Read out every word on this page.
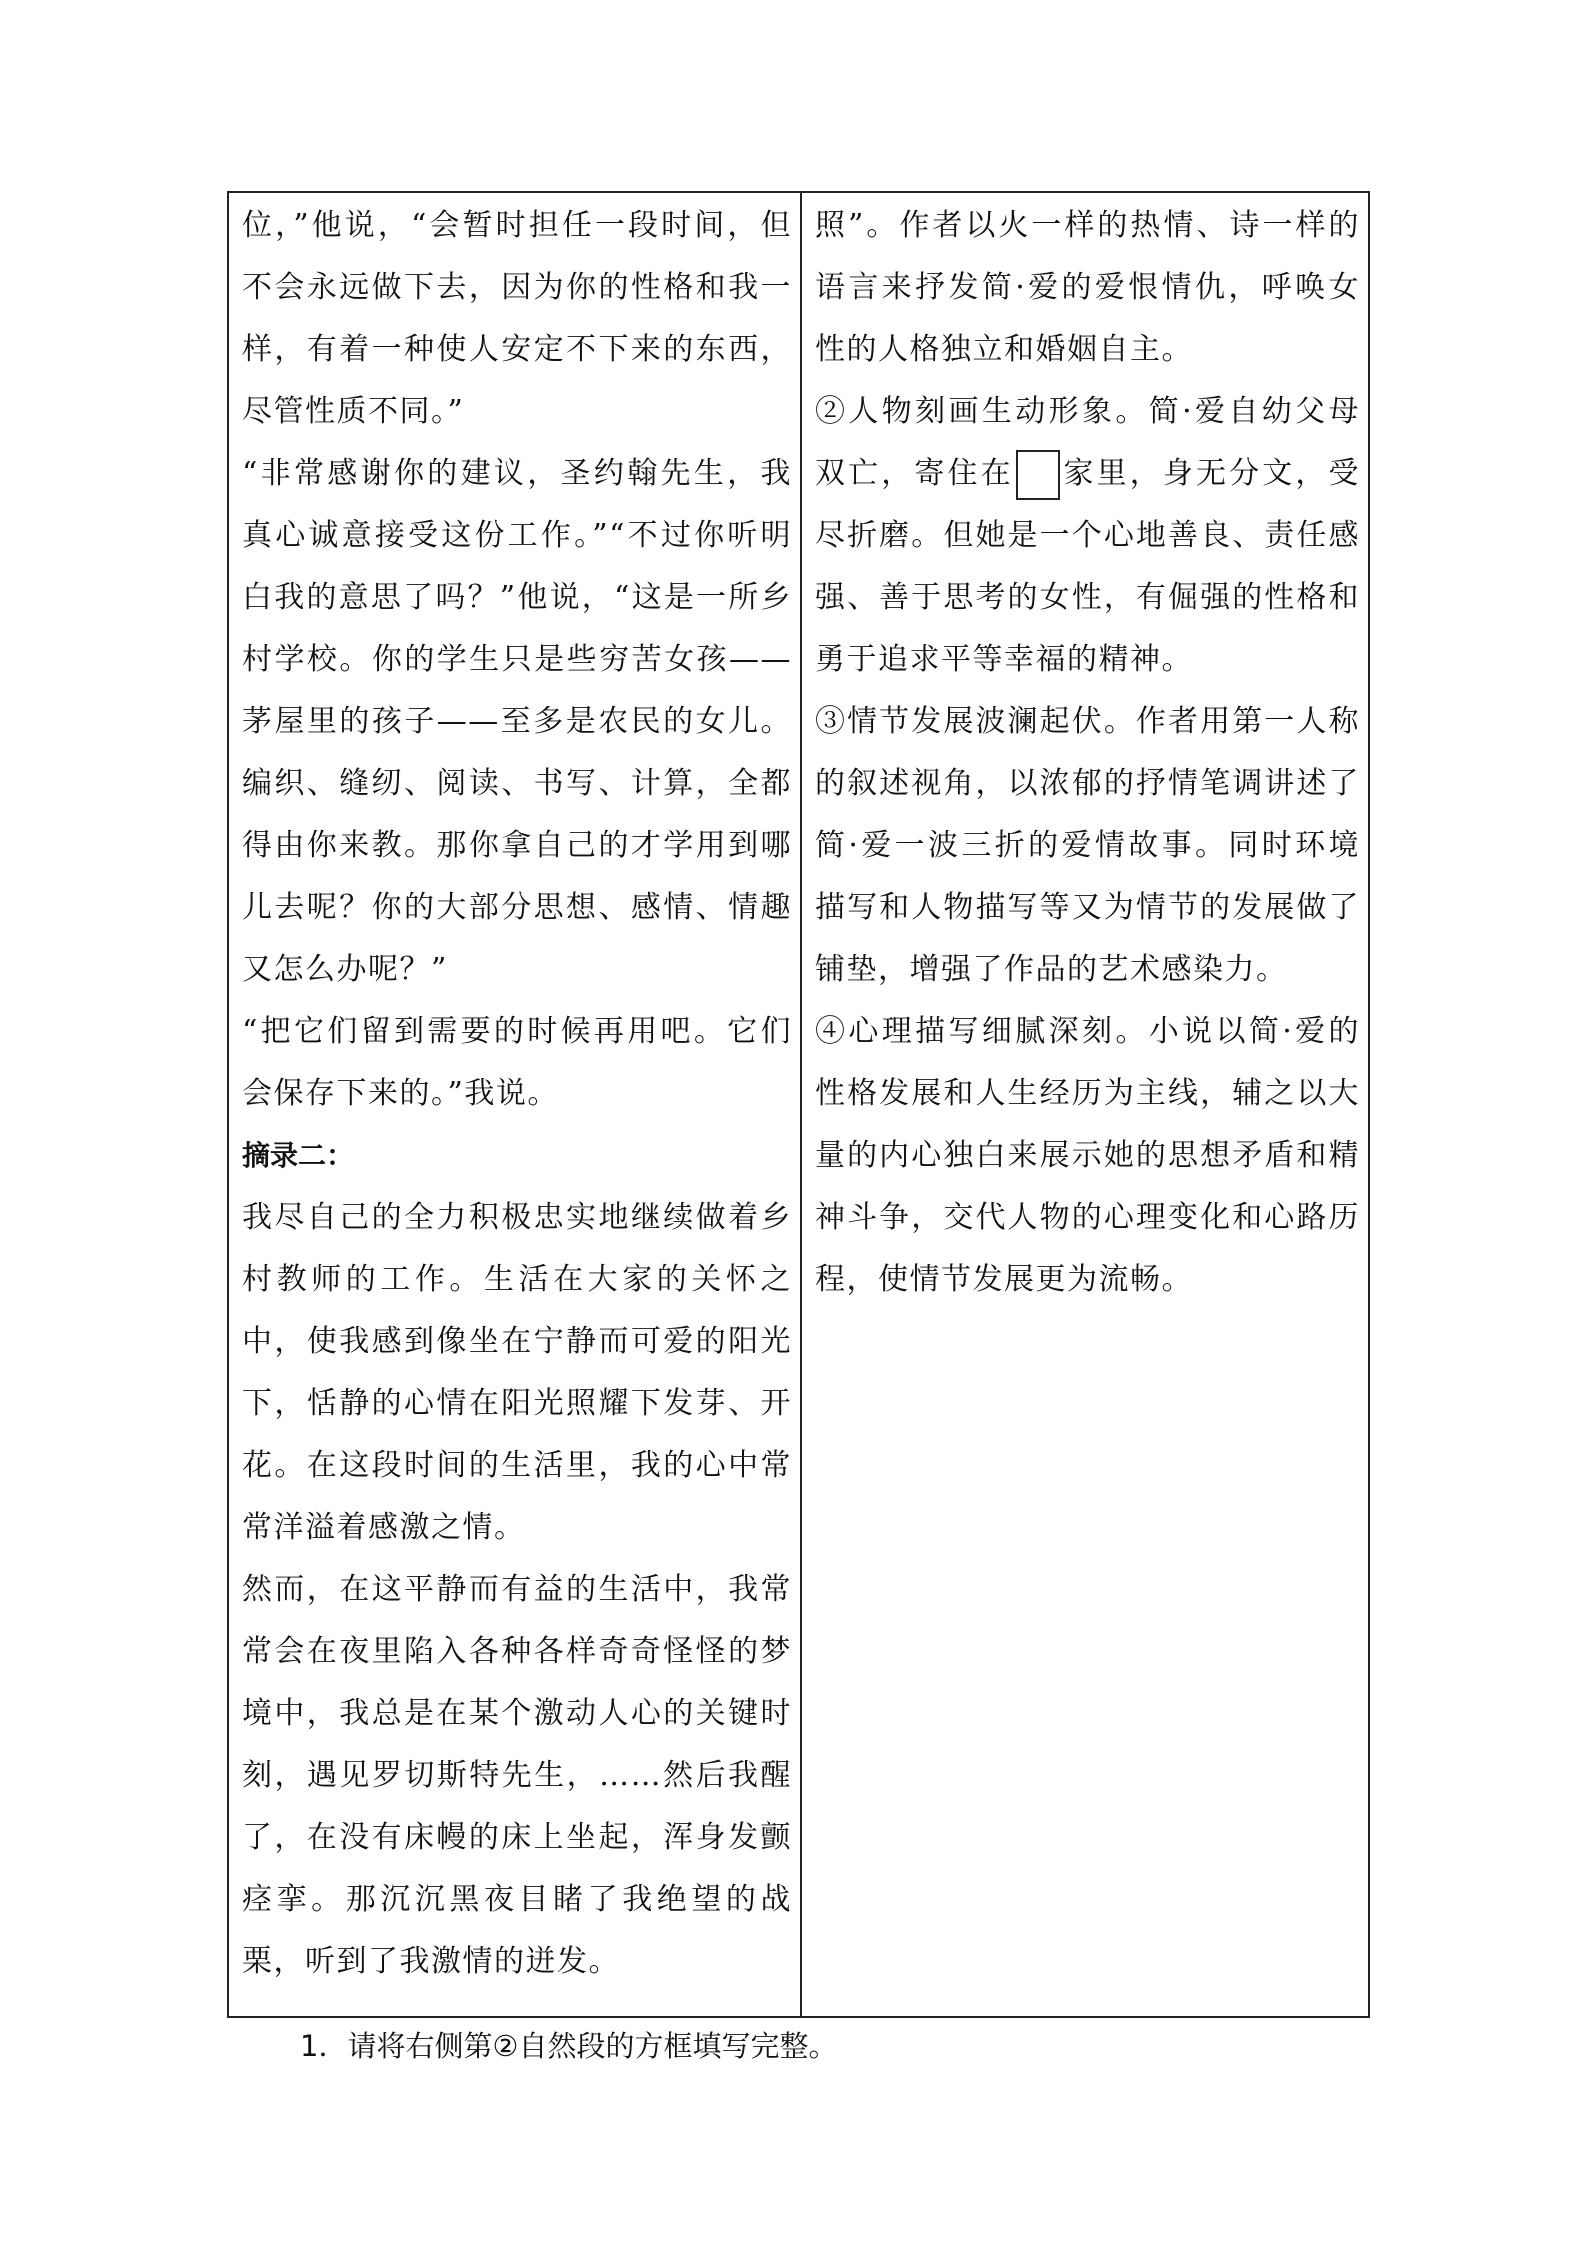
位，”他说，“会暂时担任一段时间，但不会永远做下去，因为你的性格和我一样，有着一种使人安定不下来的东西，尽管性质不同。”

“非常感谢你的建议，圣约翰先生，我真心诚意接受这份工作。”“不过你听明白我的意思了吗？”他说，“这是一所乡村学校。你的学生只是些穷苦女孩——茅屋里的孩子——至多是农民的女儿。编织、缝纫、阅读、书写、计算，全都得由你来教。那你拿自己的才学用到哪儿去呢？你的大部分思想、感情、情趣又怎么办呢？”

“把它们留到需要的时候再用吧。它们会保存下来的。”我说。

摘录二：

我尽自己的全力积极忠实地继续做着乡村教师的工作。生活在大家的关怀之中，使我感到像坐在宁静而可爱的阳光下，恬静的心情在阳光照耀下发芽、开花。在这段时间的生活里，我的心中常常洋溢着感激之情。

然而，在这平静而有益的生活中，我常常会在夜里陷入各种各样奇奇怪怪的梦境中，我总是在某个激动人心的关键时刻，遇见罗切斯特先生，……然后我醒了，在没有床幔的床上坐起，浑身发颤痉挛。那沉沉黑夜目睹了我绝望的战栗，听到了我激情的迸发。

照”。作者以火一样的热情、诗一样的语言来抒发简·爱的爱恨情仇，呼唤女性的人格独立和婚姻自主。

②人物刻画生动形象。简·爱自幼父母双亡，寄住在 家里，身无分文，受尽折磨。但她是一个心地善良、责任感强、善于思考的女性，有倔强的性格和勇于追求平等幸福的精神。

③情节发展波澜起伏。作者用第一人称的叙述视角，以浓郁的抒情笔调讲述了简·爱一波三折的爱情故事。同时环境描写和人物描写等又为情节的发展做了铺垫，增强了作品的艺术感染力。

④心理描写细腻深刻。小说以简·爱的性格发展和人生经历为主线，辅之以大量的内心独白来展示她的思想矛盾和精神斗争，交代人物的心理变化和心路历程，使情节发展更为流畅。

1．请将右侧第②自然段的方框填写完整。
